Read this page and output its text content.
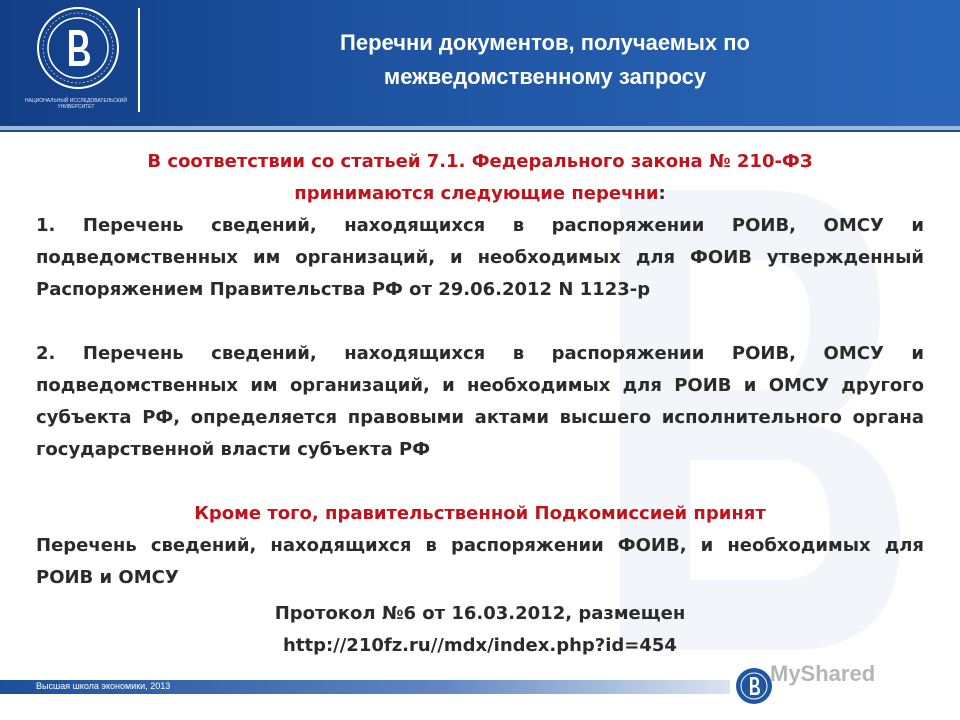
НАЦИОНАЛЬНЫЙ ИССЛЕДОВАТЕЛЬСКИЙ
УНИВЕРСИТЕТ
Перечни документов, получаемых по
межведомственному запросу
В соответствии со статьей 7.1. Федерального закона № 210-ФЗ
принимаются следующие перечни:
1. Перечень сведений, находящихся в распоряжении РОИВ, ОМСУ и подведомственных им организаций, и необходимых для ФОИВ утвержденный Распоряжением Правительства РФ от 29.06.2012 N 1123-р
2. Перечень сведений, находящихся в распоряжении РОИВ, ОМСУ и подведомственных им организаций, и необходимых для РОИВ и ОМСУ другого субъекта РФ, определяется правовыми актами высшего исполнительного органа государственной власти субъекта РФ
Кроме того, правительственной Подкомиссией принят
Перечень сведений, находящихся в распоряжении ФОИВ, и необходимых для РОИВ и ОМСУ
Протокол №6 от 16.03.2012, размещен
http://210fz.ru//mdx/index.php?id=454
Высшая школа экономики, 2013	MyShared
